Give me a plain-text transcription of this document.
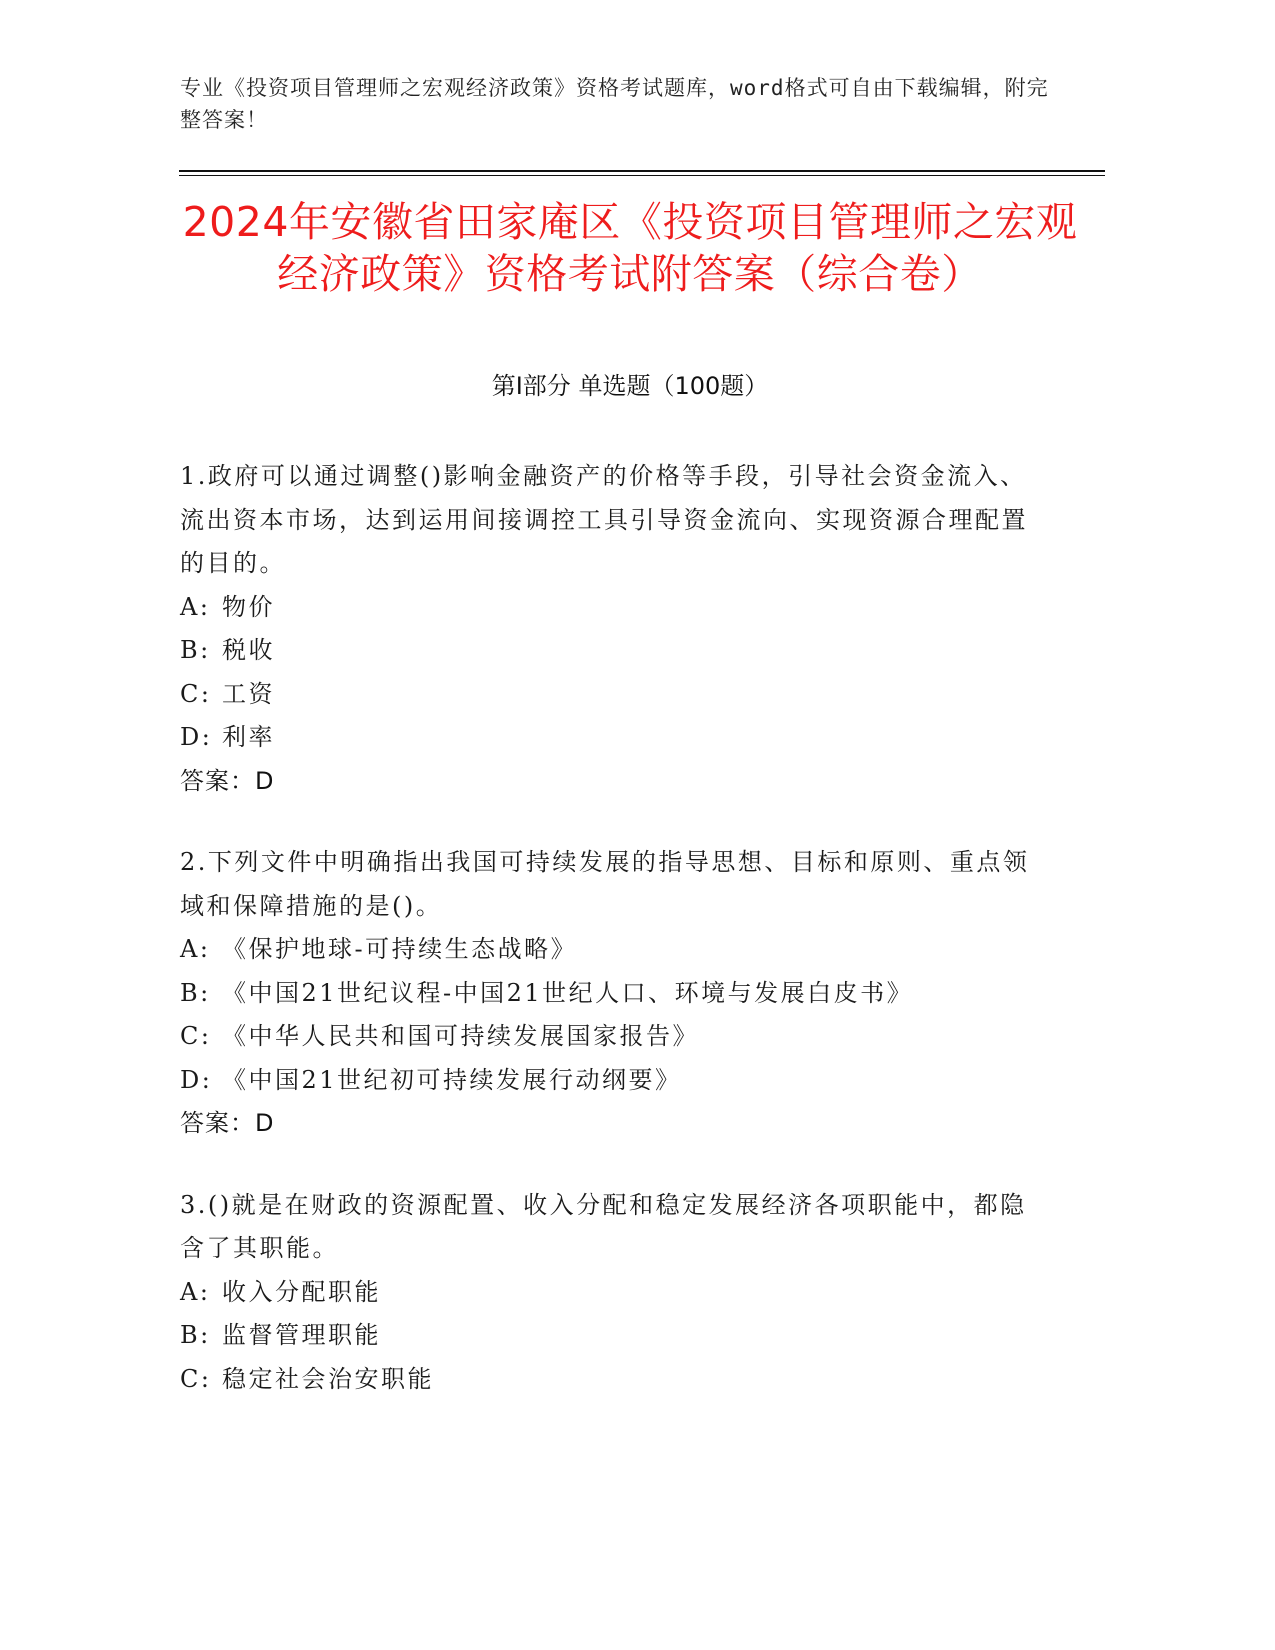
专业《投资项目管理师之宏观经济政策》资格考试题库，word格式可自由下载编辑，附完整答案！
2024年安徽省田家庵区《投资项目管理师之宏观经济政策》资格考试附答案（综合卷）
第Ⅰ部分 单选题（100题）

1.政府可以通过调整()影响金融资产的价格等手段，引导社会资金流入、流出资本市场，达到运用间接调控工具引导资金流向、实现资源合理配置的目的。

A: 物价
B: 税收
C: 工资
D: 利率
答案：D

2.下列文件中明确指出我国可持续发展的指导思想、目标和原则、重点领域和保障措施的是()。

A: 《保护地球-可持续生态战略》
B: 《中国21世纪议程-中国21世纪人口、环境与发展白皮书》
C: 《中华人民共和国可持续发展国家报告》
D: 《中国21世纪初可持续发展行动纲要》
答案：D

3.()就是在财政的资源配置、收入分配和稳定发展经济各项职能中，都隐含了其职能。

A: 收入分配职能
B: 监督管理职能
C: 稳定社会治安职能
